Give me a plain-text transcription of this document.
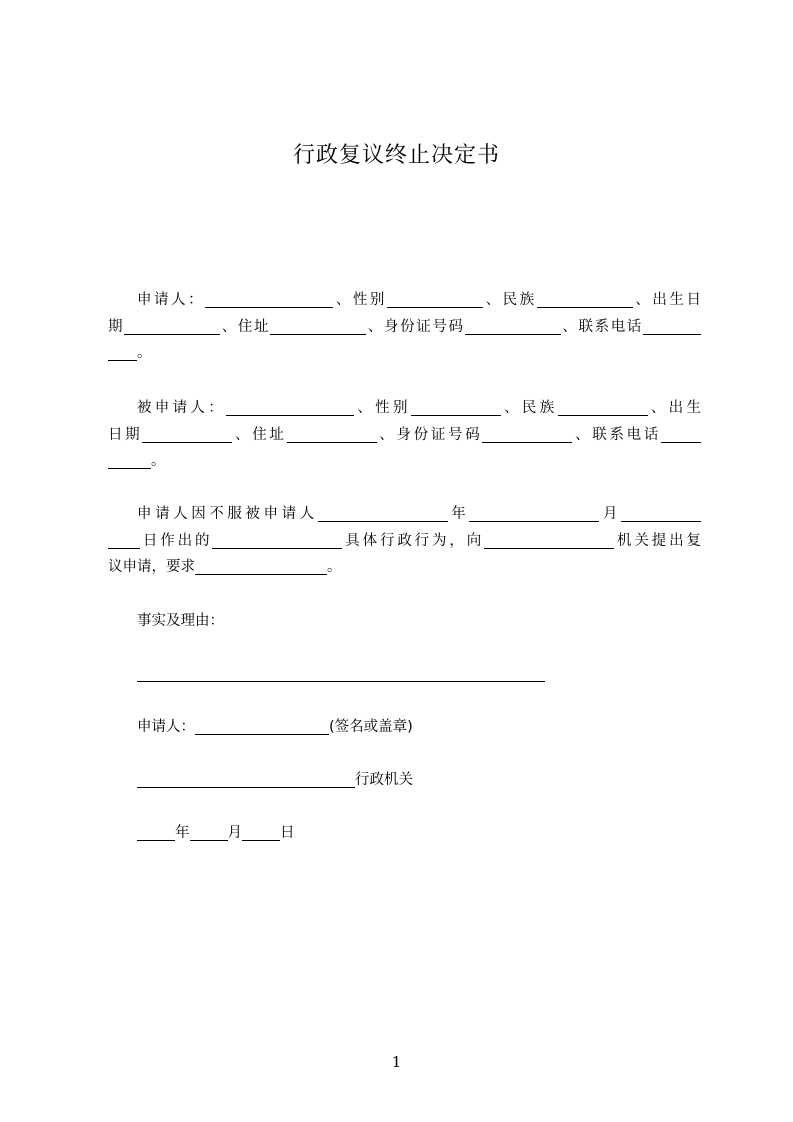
行政复议终止决定书
申请人：	、性别	、民族	、出生日
期	、住址	、身份证号码	、联系电话
。
被申请人：	、性别	、民族	、出生
日期	、住址	、身份证号码	、联系电话
。
申请人因不服被申请人	年	月
日作出的	具体行政行为，向	机关提出复
议申请，要求	。
事实及理由：
申请人：	(签名或盖章)
行政机关
年	月	日
1
